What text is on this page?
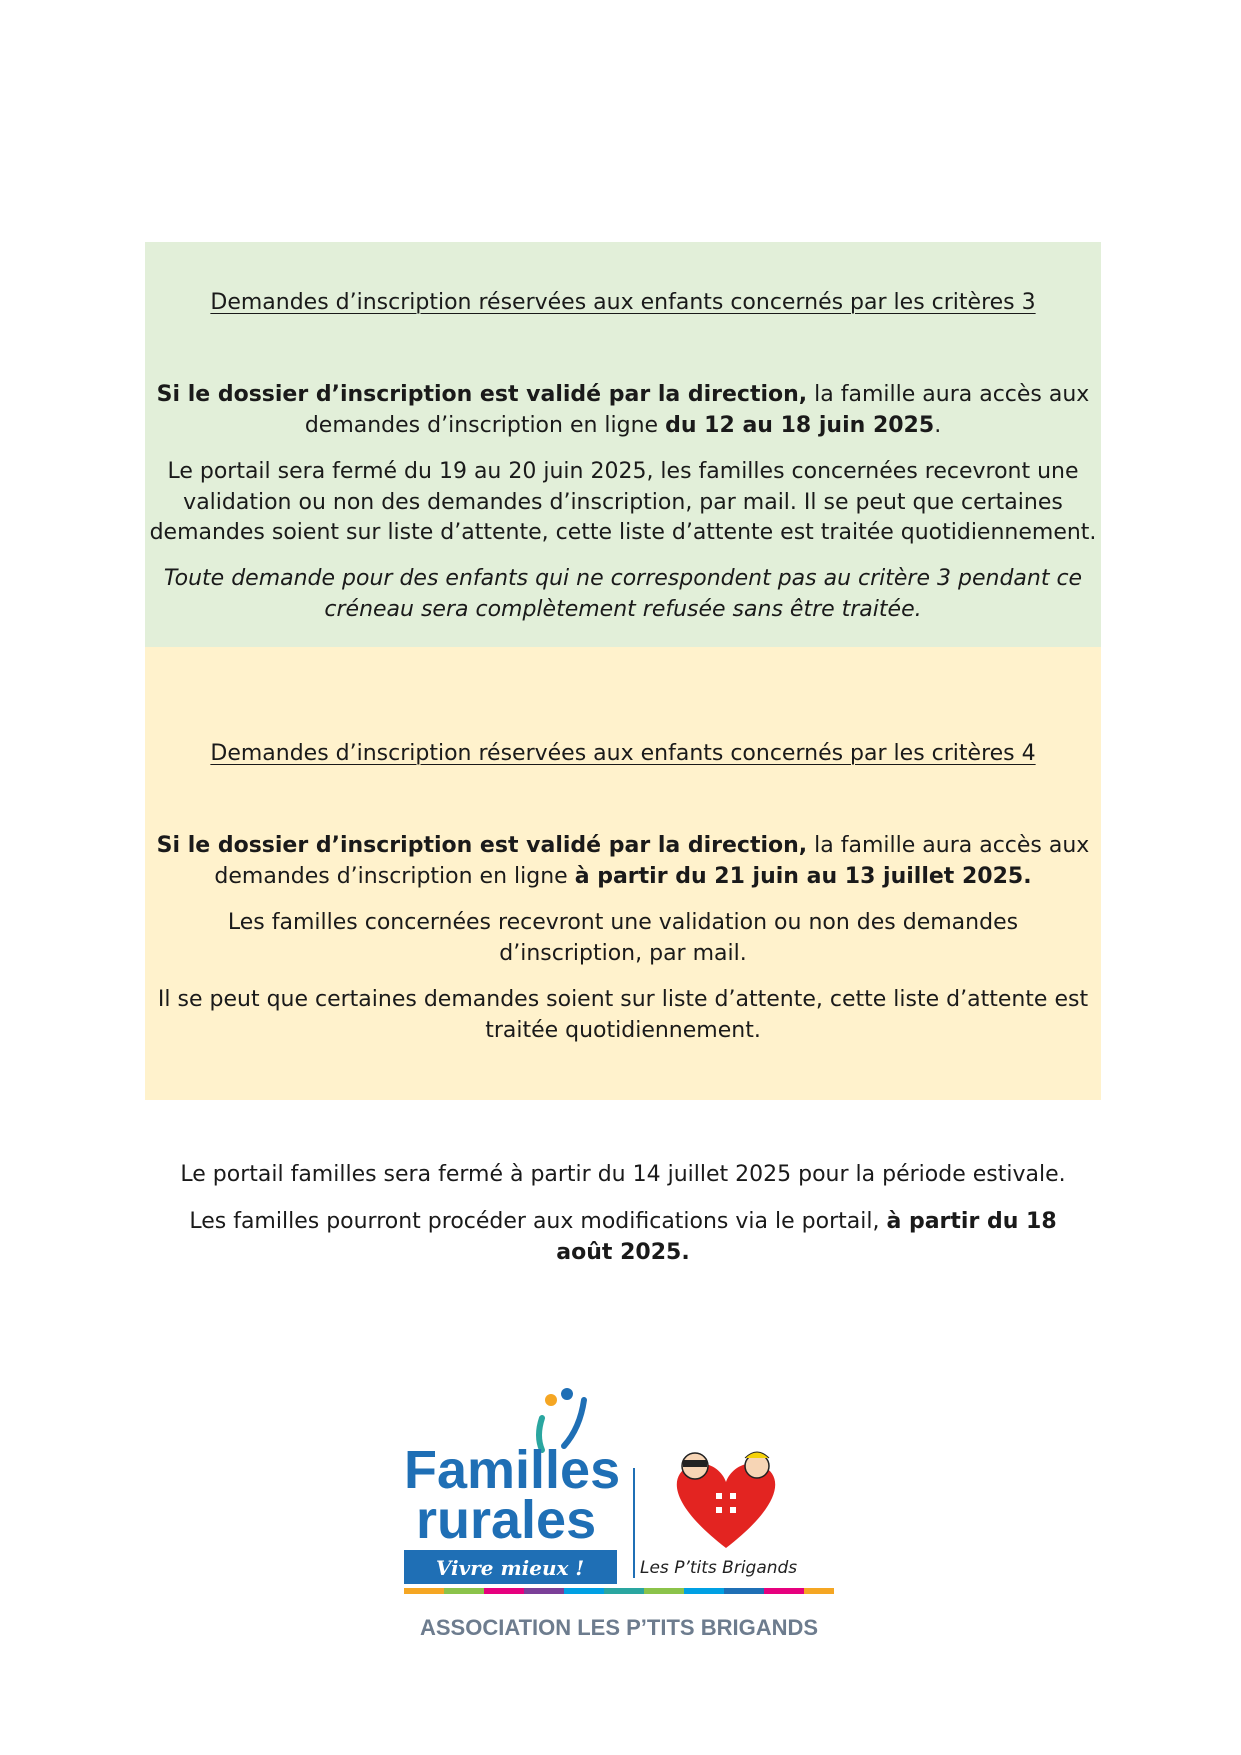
Demandes d’inscription réservées aux enfants concernés par les critères 3

Si le dossier d’inscription est validé par la direction, la famille aura accès aux demandes d’inscription en ligne du 12 au 18 juin 2025.

Le portail sera fermé du 19 au 20 juin 2025, les familles concernées recevront une validation ou non des demandes d’inscription, par mail. Il se peut que certaines demandes soient sur liste d’attente, cette liste d’attente est traitée quotidiennement.

Toute demande pour des enfants qui ne correspondent pas au critère 3 pendant ce créneau sera complètement refusée sans être traitée.

Demandes d’inscription réservées aux enfants concernés par les critères 4

Si le dossier d’inscription est validé par la direction, la famille aura accès aux demandes d’inscription en ligne à partir du 21 juin au 13 juillet 2025.

Les familles concernées recevront une validation ou non des demandes d’inscription, par mail.

Il se peut que certaines demandes soient sur liste d’attente, cette liste d’attente est traitée quotidiennement.

Le portail familles sera fermé à partir du 14 juillet 2025 pour la période estivale.

Les familles pourront procéder aux modifications via le portail, à partir du 18 août 2025.

Familles
rurales
Vivre mieux !	Les P’tits Brigands
ASSOCIATION LES P’TITS BRIGANDS
